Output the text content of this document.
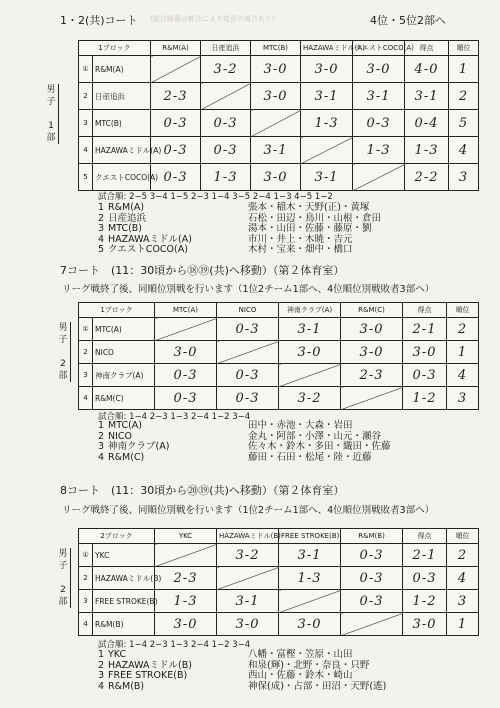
1・2(共)コート (試合順番の都合により変更の場合あり)	4位・5位2部へ
男子

1
部
1ブロック		R&M(A)	日産追浜	MTC(B)	HAZAWAミドル(A)	クエストCOCO(A)	得点	順位
①	R&M(A)		3-2	3-0	3-0	3-0	4-0	1
2	日産追浜	2-3		3-0	3-1	3-1	3-1	2
3	MTC(B)	0-3	0-3		1-3	0-3	0-4	5
4	HAZAWAミドル(A)	0-3	0-3	3-1		1-3	1-3	4
5	クエストCOCO(A)	0-3	1-3	3-0	3-1		2-2	3
試合順: 2−5 3−4 1−5 2−3 1−4 3−5 2−4 1−3 4−5 1−2
1 R&M(A)	張本・稲木・天野(正)・黄塚
2 日産追浜	石松・田辺・鳥川・山根・倉田
3 MTC(B)	湯本・山田・佐藤・藤原・劉
4 HAZAWAミドル(A)	市川・井上・木暁・吉元
5 クエストCOCO(A)	木村・宝来・畑中・橋口
7コート　(11：30頃から⑱⑲(共)へ移動）（第２体育室）
リーグ戦終了後、同順位別戦を行います（1位2チーム1部へ、4位順位別戦敗者3部へ）
男子

2
部
1ブロック		MTC(A)	NICO	神南クラブ(A)	R&M(C)	得点	順位
①	MTC(A)		0-3	3-1	3-0	2-1	2
2	NICO	3-0		3-0	3-0	3-0	1
3	神南クラブ(A)	0-3	0-3		2-3	0-3	4
4	R&M(C)	0-3	0-3	3-2		1-2	3
試合順: 1−4 2−3 1−3 2−4 1−2 3−4
1 MTC(A)	田中・赤池・大森・岩田
2 NICO	金丸・阿部・小澤・山元・瀬谷
3 神南クラブ(A)	佐々木・鈴木・多田・織田・佐藤
4 R&M(C)	藤田・石田・松尾・陸・近藤
8コート　(11：30頃から⑳⑲(共)へ移動）（第２体育室）
リーグ戦終了後、同順位別戦を行います（1位2チーム1部へ、4位順位別戦敗者3部へ）
男子

2
部
2ブロック		YKC	HAZAWAミドル(B)	FREE STROKE(B)	R&M(B)	得点	順位
①	YKC		3-2	3-1	0-3	2-1	2
2	HAZAWAミドル(B)	2-3		1-3	0-3	0-3	4
3	FREE STROKE(B)	1-3	3-1		0-3	1-2	3
4	R&M(B)	3-0	3-0	3-0		3-0	1
試合順: 1−4 2−3 1−3 2−4 1−2 3−4
1 YKC	八幡・富樫・笠原・山田
2 HAZAWAミドル(B)	和泉(輝)・北野・奈良・只野
3 FREE STROKE(B)	西山・佐藤・鈴木・崎山
4 R&M(B)	神保(成)・占部・田沼・天野(遙)
